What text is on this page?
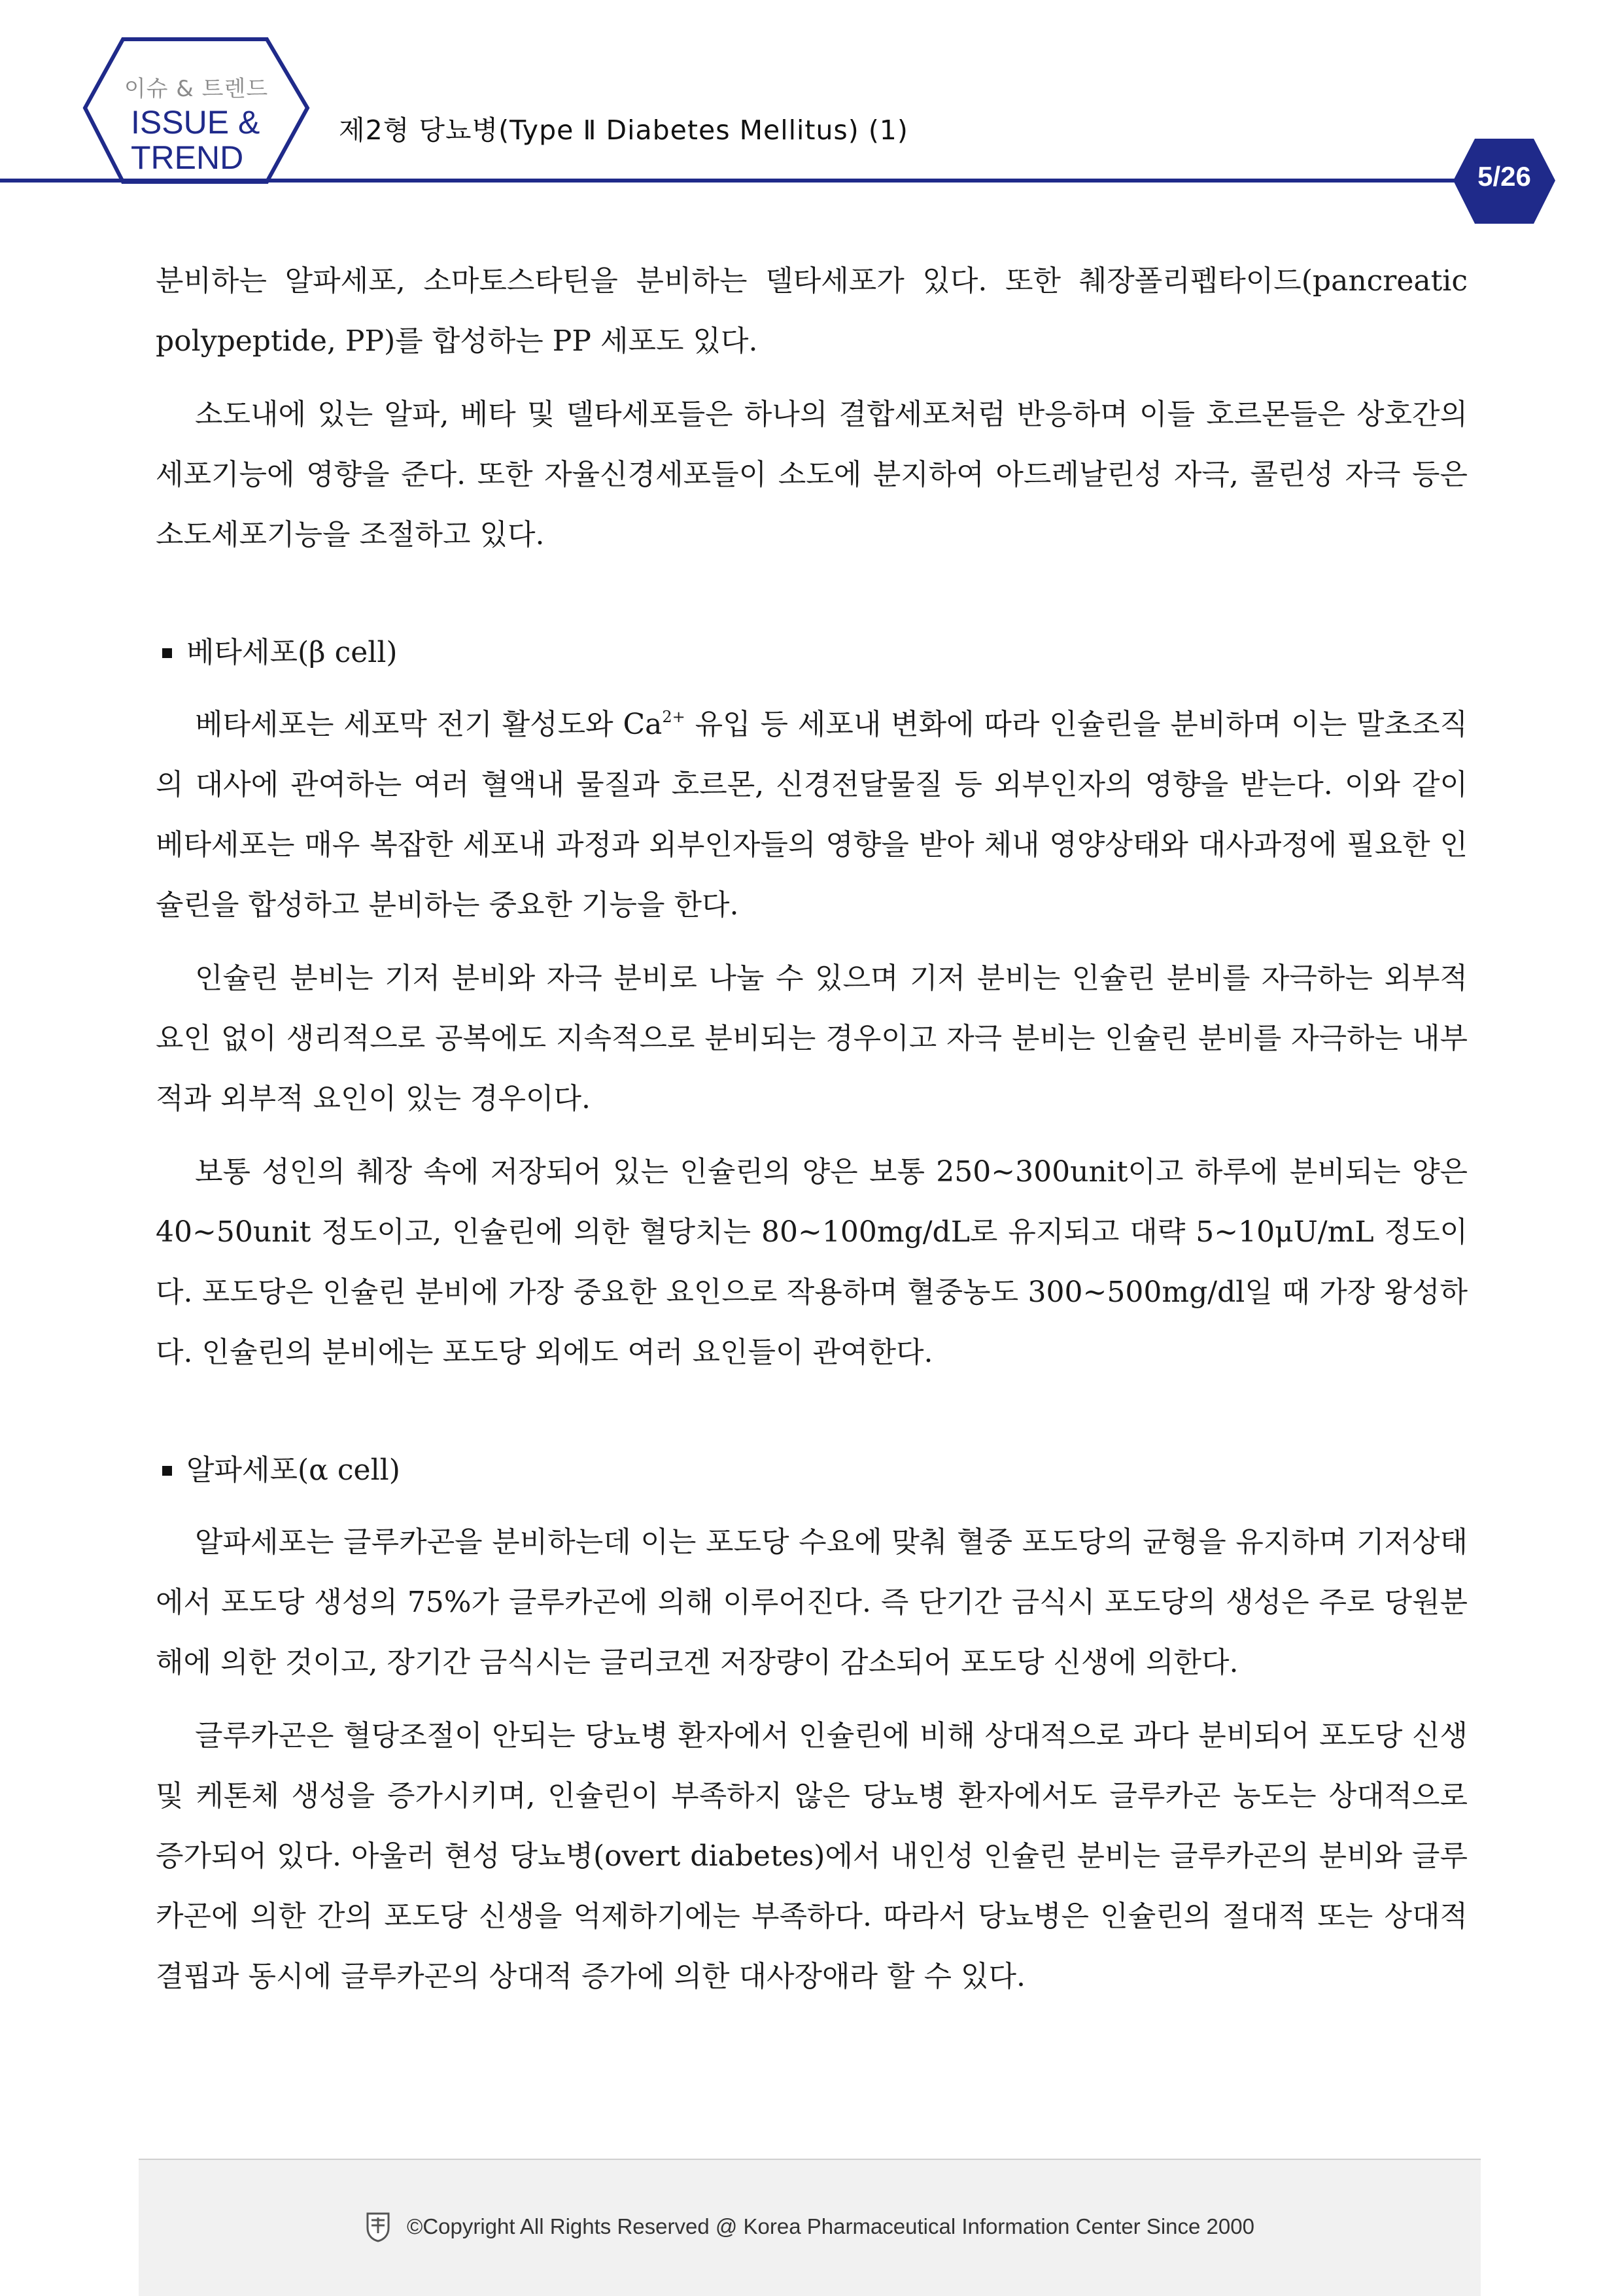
이슈 & 트렌드
ISSUE &
TREND
제2형 당뇨병(Type Ⅱ Diabetes Mellitus) (1)
5/26

분비하는 알파세포, 소마토스타틴을 분비하는 델타세포가 있다. 또한 췌장폴리펩타이드(pancreatic polypeptide, PP)를 합성하는 PP 세포도 있다.

소도내에 있는 알파, 베타 및 델타세포들은 하나의 결합세포처럼 반응하며 이들 호르몬들은 상호간의 세포기능에 영향을 준다. 또한 자율신경세포들이 소도에 분지하여 아드레날린성 자극, 콜린성 자극 등은 소도세포기능을 조절하고 있다.

베타세포(β cell)

베타세포는 세포막 전기 활성도와 $Ca^{2+}$ 유입 등 세포내 변화에 따라 인슐린을 분비하며 이는 말초조직의 대사에 관여하는 여러 혈액내 물질과 호르몬, 신경전달물질 등 외부인자의 영향을 받는다. 이와 같이 베타세포는 매우 복잡한 세포내 과정과 외부인자들의 영향을 받아 체내 영양상태와 대사과정에 필요한 인슐린을 합성하고 분비하는 중요한 기능을 한다.

인슐린 분비는 기저 분비와 자극 분비로 나눌 수 있으며 기저 분비는 인슐린 분비를 자극하는 외부적 요인 없이 생리적으로 공복에도 지속적으로 분비되는 경우이고 자극 분비는 인슐린 분비를 자극하는 내부적과 외부적 요인이 있는 경우이다.

보통 성인의 췌장 속에 저장되어 있는 인슐린의 양은 보통 250~300unit이고 하루에 분비되는 양은 40~50unit 정도이고, 인슐린에 의한 혈당치는 80~100mg/dL로 유지되고 대략 5~10μU/mL 정도이다. 포도당은 인슐린 분비에 가장 중요한 요인으로 작용하며 혈중농도 300~500mg/dl일 때 가장 왕성하다. 인슐린의 분비에는 포도당 외에도 여러 요인들이 관여한다.

알파세포(α cell)

알파세포는 글루카곤을 분비하는데 이는 포도당 수요에 맞춰 혈중 포도당의 균형을 유지하며 기저상태에서 포도당 생성의 75%가 글루카곤에 의해 이루어진다. 즉 단기간 금식시 포도당의 생성은 주로 당원분해에 의한 것이고, 장기간 금식시는 글리코겐 저장량이 감소되어 포도당 신생에 의한다.

글루카곤은 혈당조절이 안되는 당뇨병 환자에서 인슐린에 비해 상대적으로 과다 분비되어 포도당 신생 및 케톤체 생성을 증가시키며, 인슐린이 부족하지 않은 당뇨병 환자에서도 글루카곤 농도는 상대적으로 증가되어 있다. 아울러 현성 당뇨병(overt diabetes)에서 내인성 인슐린 분비는 글루카곤의 분비와 글루카곤에 의한 간의 포도당 신생을 억제하기에는 부족하다. 따라서 당뇨병은 인슐린의 절대적 또는 상대적 결핍과 동시에 글루카곤의 상대적 증가에 의한 대사장애라 할 수 있다.

©Copyright All Rights Reserved @ Korea Pharmaceutical Information Center Since 2000
